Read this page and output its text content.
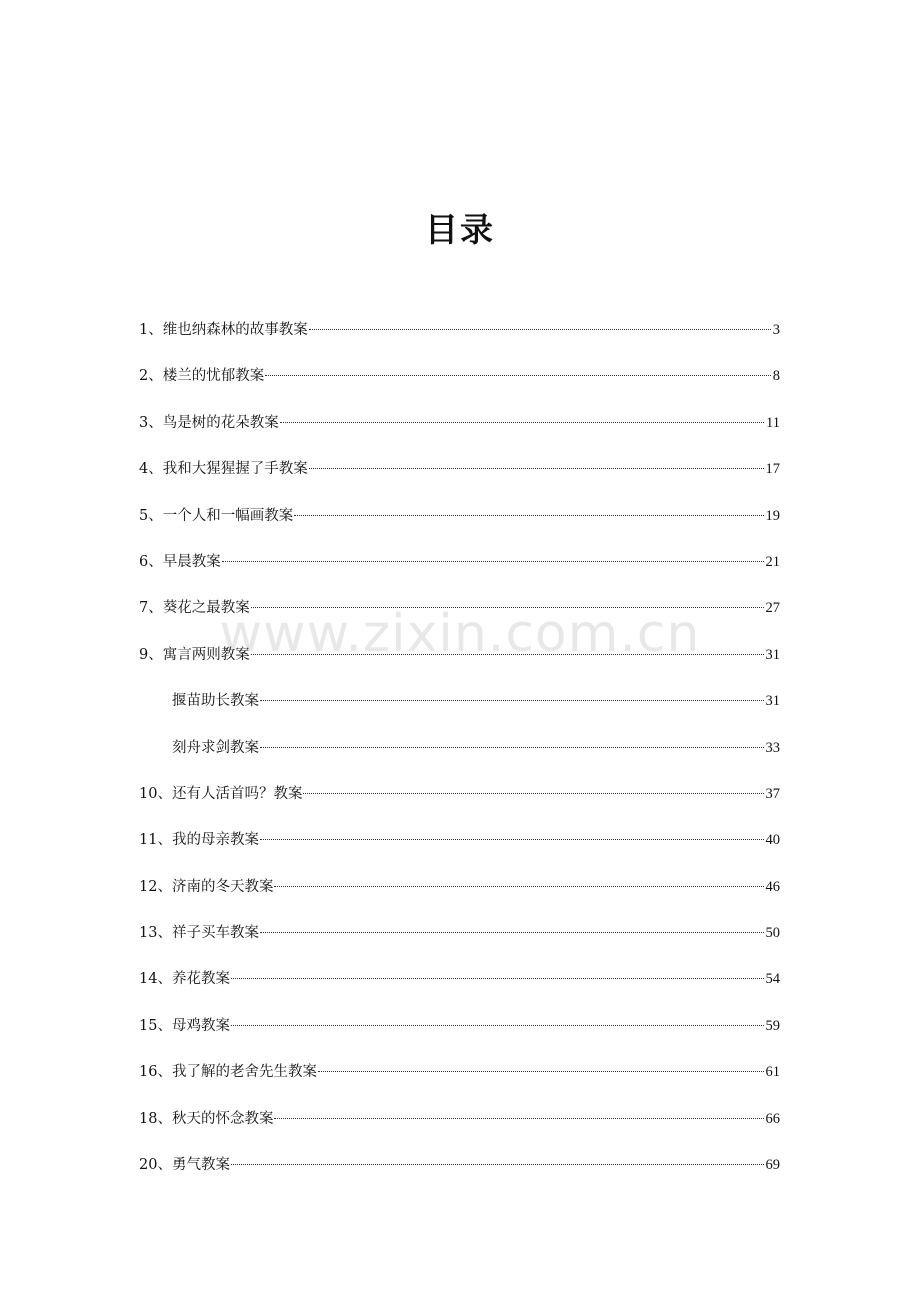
目录
1、维也纳森林的故事教案	3
2、楼兰的忧郁教案	8
3、鸟是树的花朵教案	11
4、我和大猩猩握了手教案	17
5、一个人和一幅画教案	19
6、早晨教案	21
7、葵花之最教案	27
9、寓言两则教案	31
揠苗助长教案	31
刻舟求剑教案	33
10、还有人活首吗？教案	37
11、我的母亲教案	40
12、济南的冬天教案	46
13、祥子买车教案	50
14、养花教案	54
15、母鸡教案	59
16、我了解的老舍先生教案	61
18、秋天的怀念教案	66
20、勇气教案	69
www.zixin.com.cn
